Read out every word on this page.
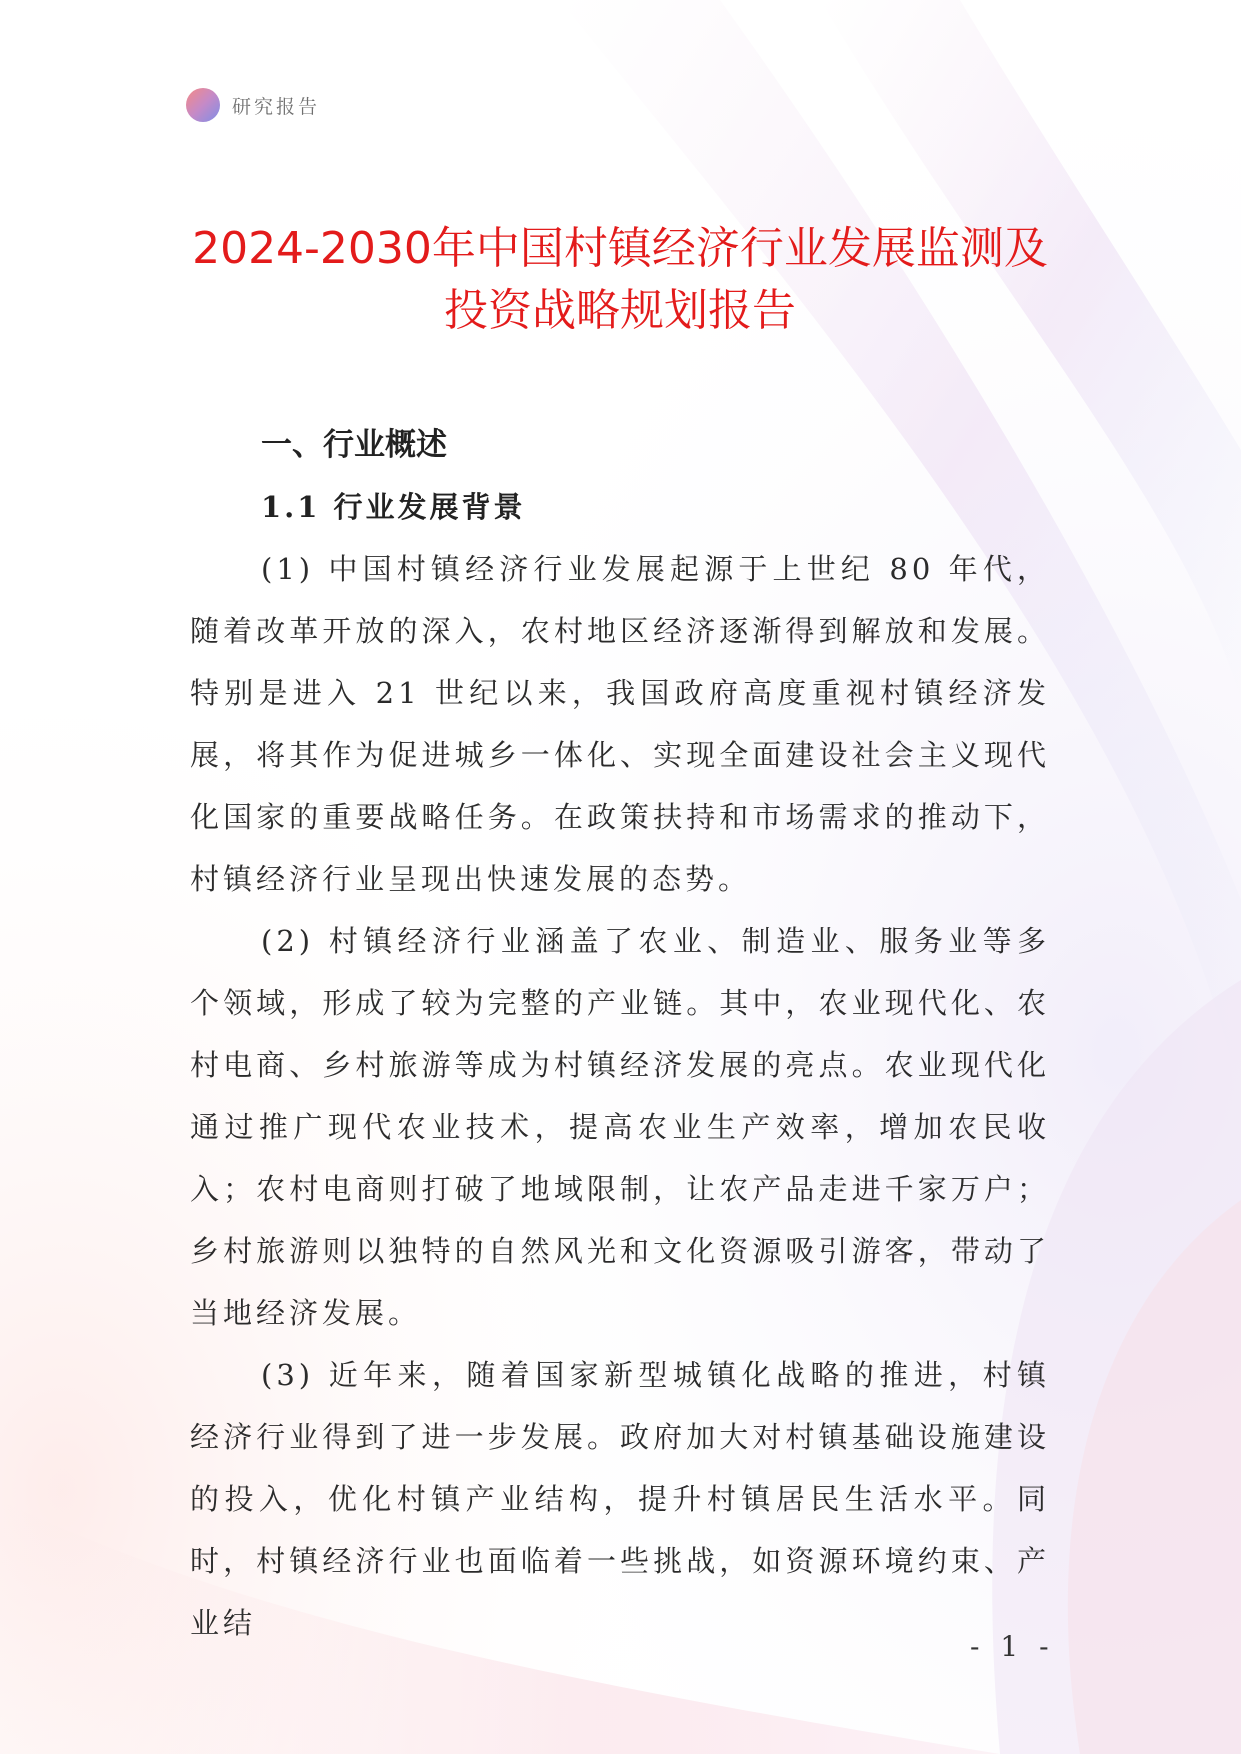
研究报告
2024-2030年中国村镇经济行业发展监测及
投资战略规划报告
一、行业概述
1.1 行业发展背景

(1) 中国村镇经济行业发展起源于上世纪 80 年代，随着改革开放的深入，农村地区经济逐渐得到解放和发展。特别是进入 21 世纪以来，我国政府高度重视村镇经济发展，将其作为促进城乡一体化、实现全面建设社会主义现代化国家的重要战略任务。在政策扶持和市场需求的推动下，村镇经济行业呈现出快速发展的态势。

(2) 村镇经济行业涵盖了农业、制造业、服务业等多个领域，形成了较为完整的产业链。其中，农业现代化、农村电商、乡村旅游等成为村镇经济发展的亮点。农业现代化通过推广现代农业技术，提高农业生产效率，增加农民收入；农村电商则打破了地域限制，让农产品走进千家万户；乡村旅游则以独特的自然风光和文化资源吸引游客，带动了当地经济发展。

(3) 近年来，随着国家新型城镇化战略的推进，村镇经济行业得到了进一步发展。政府加大对村镇基础设施建设的投入，优化村镇产业结构，提升村镇居民生活水平。同时，村镇经济行业也面临着一些挑战，如资源环境约束、产业结

- 1 -
